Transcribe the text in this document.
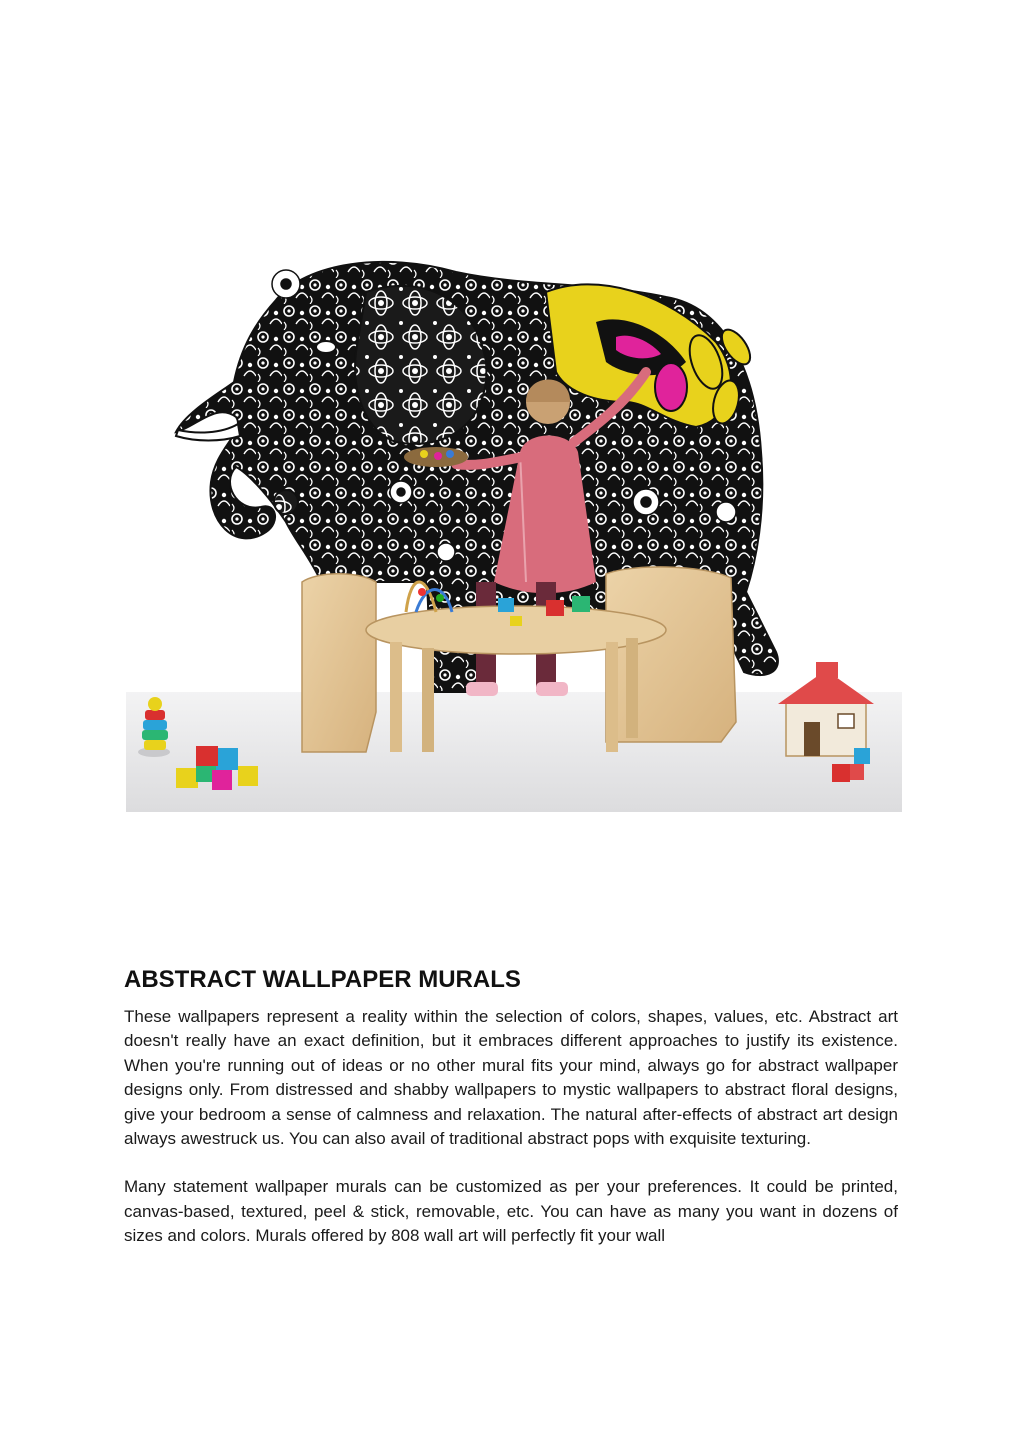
ABSTRACT WALLPAPER MURALS

These wallpapers represent a reality within the selection of colors, shapes, values, etc. Abstract art doesn't really have an exact definition, but it embraces different approaches to justify its existence. When you're running out of ideas or no other mural fits your mind, always go for abstract wallpaper designs only. From distressed and shabby wallpapers to mystic wallpapers to abstract floral designs, give your bedroom a sense of calmness and relaxation. The natural after-effects of abstract art design always awestruck us. You can also avail of traditional abstract pops with exquisite texturing.

Many statement wallpaper murals can be customized as per your preferences. It could be printed, canvas-based, textured, peel & stick, removable, etc. You can have as many you want in dozens of sizes and colors. Murals offered by 808 wall art will perfectly fit your wall
